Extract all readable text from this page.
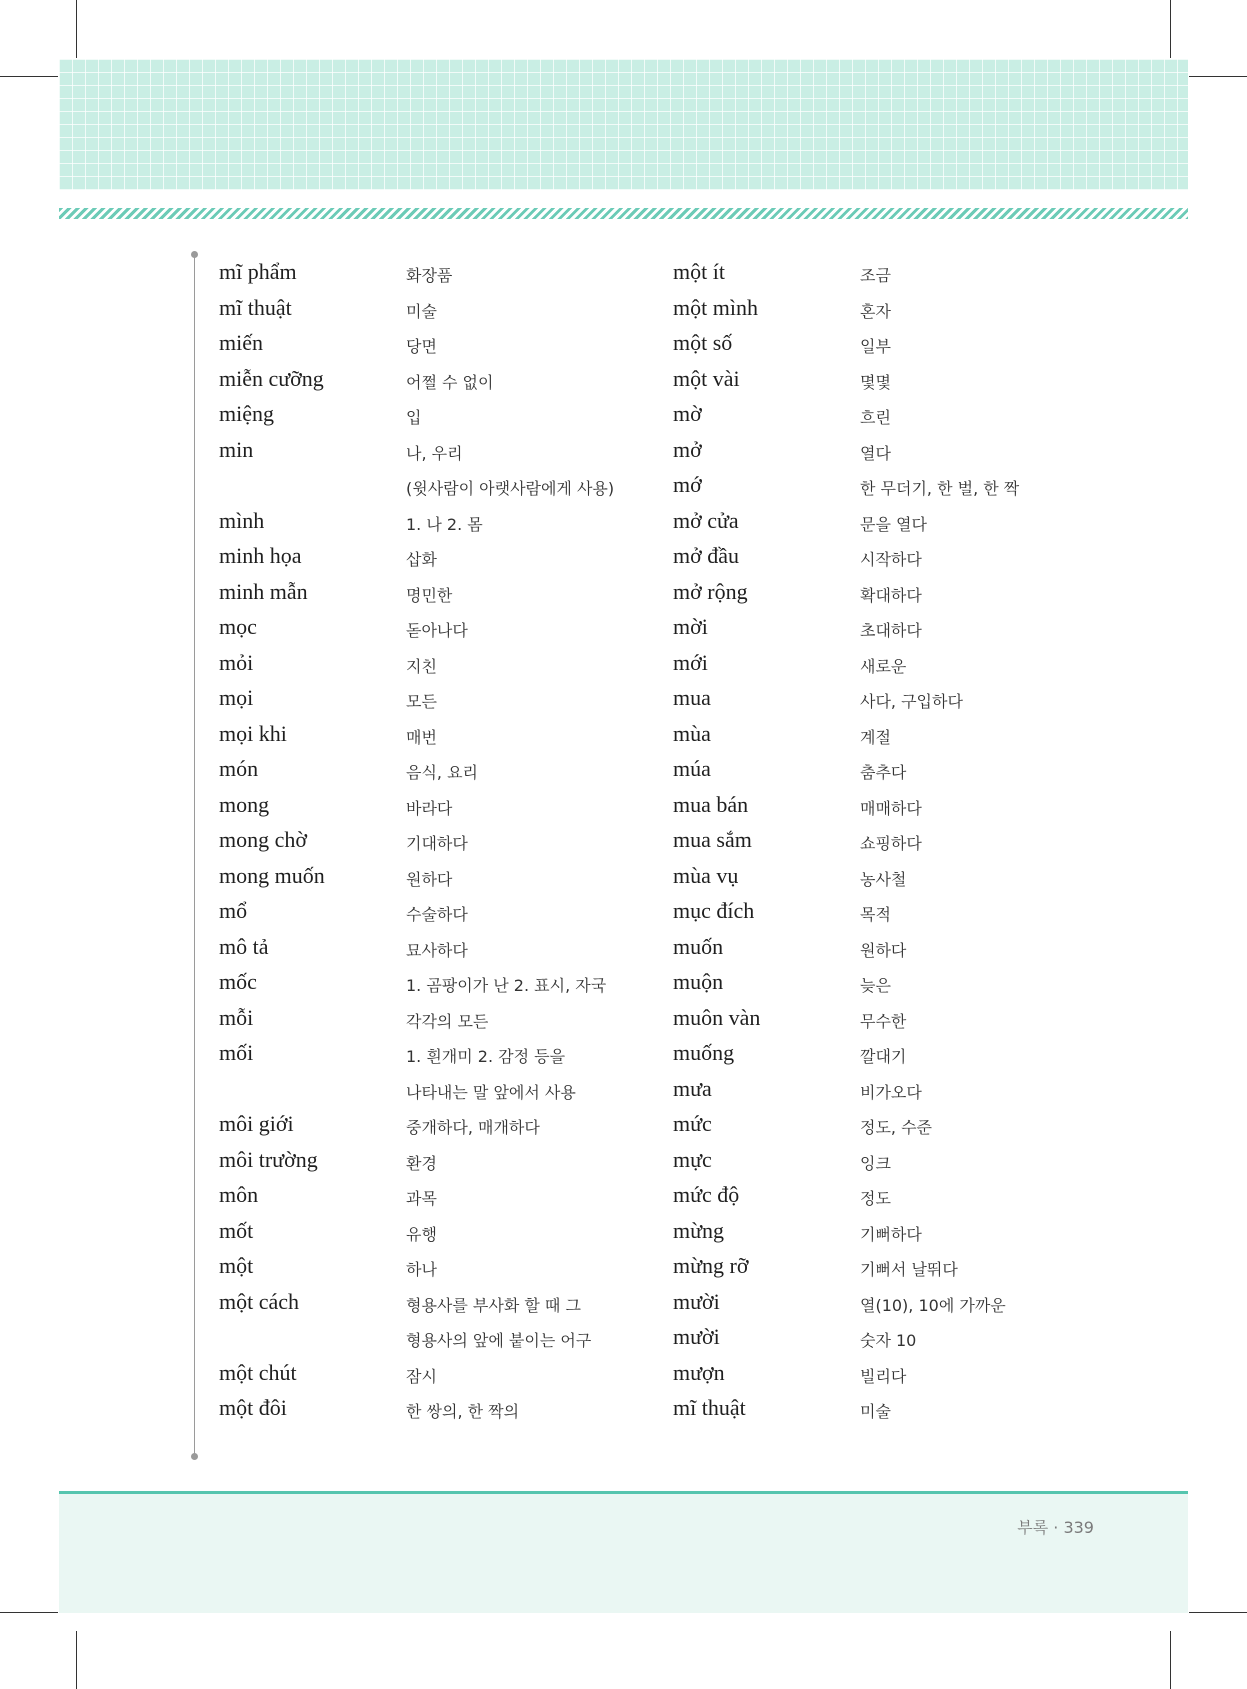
mĩ phẩm	화장품
mĩ thuật	미술
miến	당면
miễn cưỡng	어쩔 수 없이
miệng	입
min	나, 우리
(윗사람이 아랫사람에게 사용)
mình	1. 나 2. 몸
minh họa	삽화
minh mẫn	명민한
mọc	돋아나다
mỏi	지친
mọi	모든
mọi khi	매번
món	음식, 요리
mong	바라다
mong chờ	기대하다
mong muốn	원하다
mổ	수술하다
mô tả	묘사하다
mốc	1. 곰팡이가 난 2. 표시, 자국
mỗi	각각의 모든
mối	1. 흰개미 2. 감정 등을
나타내는 말 앞에서 사용
môi giới	중개하다, 매개하다
môi trường	환경
môn	과목
mốt	유행
một	하나
một cách	형용사를 부사화 할 때 그
형용사의 앞에 붙이는 어구
một chút	잠시
một đôi	한 쌍의, 한 짝의
một ít	조금
một mình	혼자
một số	일부
một vài	몇몇
mờ	흐린
mở	열다
mớ	한 무더기, 한 벌, 한 짝
mở cửa	문을 열다
mở đầu	시작하다
mở rộng	확대하다
mời	초대하다
mới	새로운
mua	사다, 구입하다
mùa	계절
múa	춤추다
mua bán	매매하다
mua sắm	쇼핑하다
mùa vụ	농사철
mục đích	목적
muốn	원하다
muộn	늦은
muôn vàn	무수한
muống	깔대기
mưa	비가오다
mức	정도, 수준
mực	잉크
mức độ	정도
mừng	기뻐하다
mừng rỡ	기뻐서 날뛰다
mười	열(10), 10에 가까운
mười	숫자 10
mượn	빌리다
mĩ thuật	미술
부록 · 339
